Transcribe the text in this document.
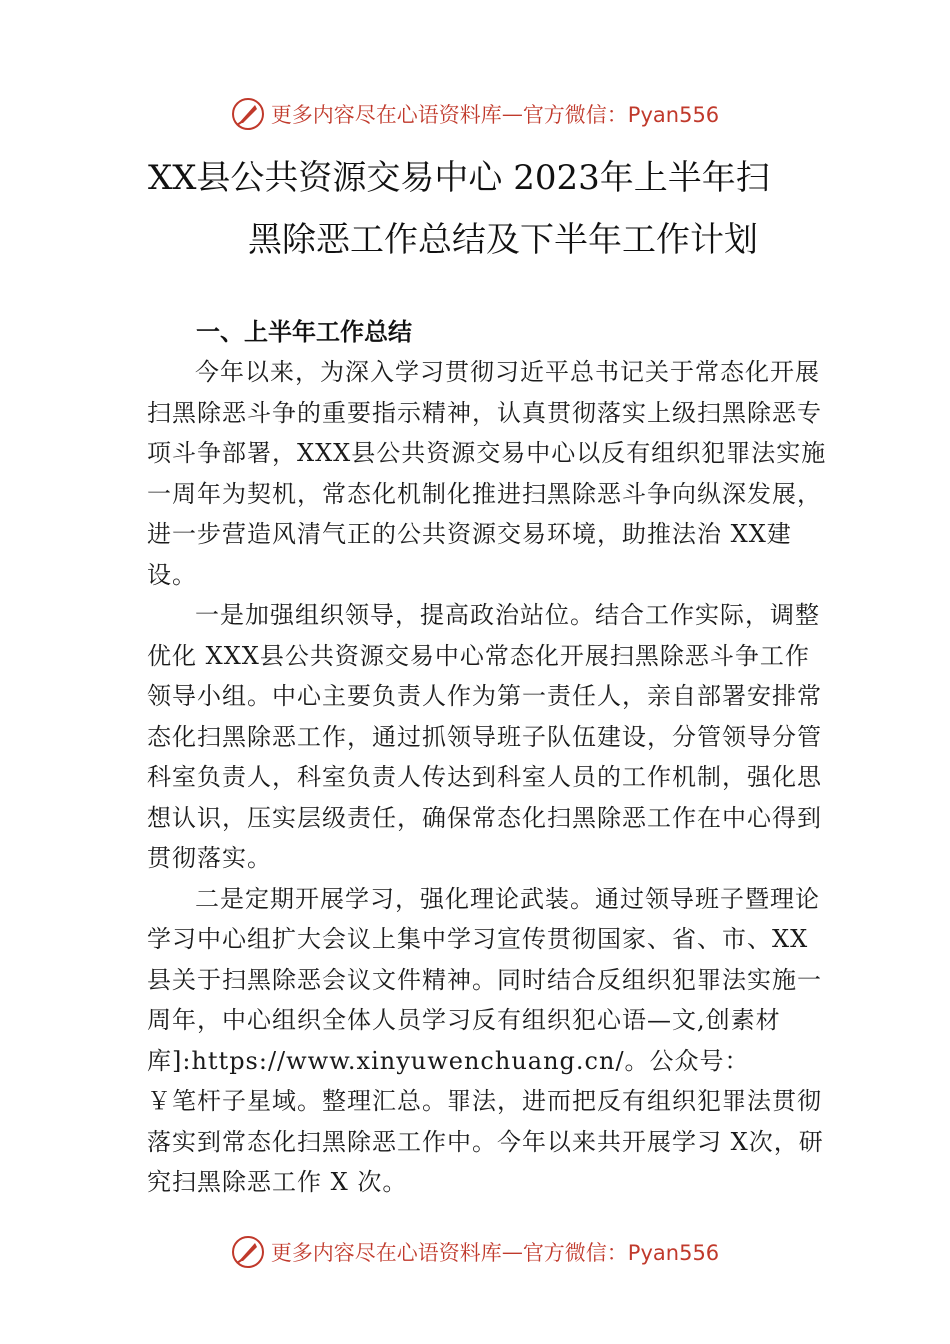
更多内容尽在心语资料库 — 官方微信：Pyan556
XX县公共资源交易中心 2023年上半年扫
黑除恶工作总结及下半年工作计划
一、上半年工作总结

今年以来，为深入学习贯彻习近平总书记关于常态化开展扫黑除恶斗争的重要指示精神，认真贯彻落实上级扫黑除恶专项斗争部署，XXX县公共资源交易中心以反有组织犯罪法实施一周年为契机，常态化机制化推进扫黑除恶斗争向纵深发展，进一步营造风清气正的公共资源交易环境，助推法治 XX建设。

一是加强组织领导，提高政治站位。结合工作实际，调整优化 XXX县公共资源交易中心常态化开展扫黑除恶斗争工作领导小组。中心主要负责人作为第一责任人，亲自部署安排常态化扫黑除恶工作，通过抓领导班子队伍建设，分管领导分管科室负责人，科室负责人传达到科室人员的工作机制，强化思想认识，压实层级责任，确保常态化扫黑除恶工作在中心得到贯彻落实。

二是定期开展学习，强化理论武装。通过领导班子暨理论学习中心组扩大会议上集中学习宣传贯彻国家、省、市、XX县关于扫黑除恶会议文件精神。同时结合反组织犯罪法实施一周年，中心组织全体人员学习反有组织犯心语—文,创素材库]:https://www.xinyuwenchuang.cn/。公众号：

￥笔杆子星域。整理汇总。罪法，进而把反有组织犯罪法贯彻落实到常态化扫黑除恶工作中。今年以来共开展学习 X次，研究扫黑除恶工作 X 次。

更多内容尽在心语资料库 — 官方微信：Pyan556
